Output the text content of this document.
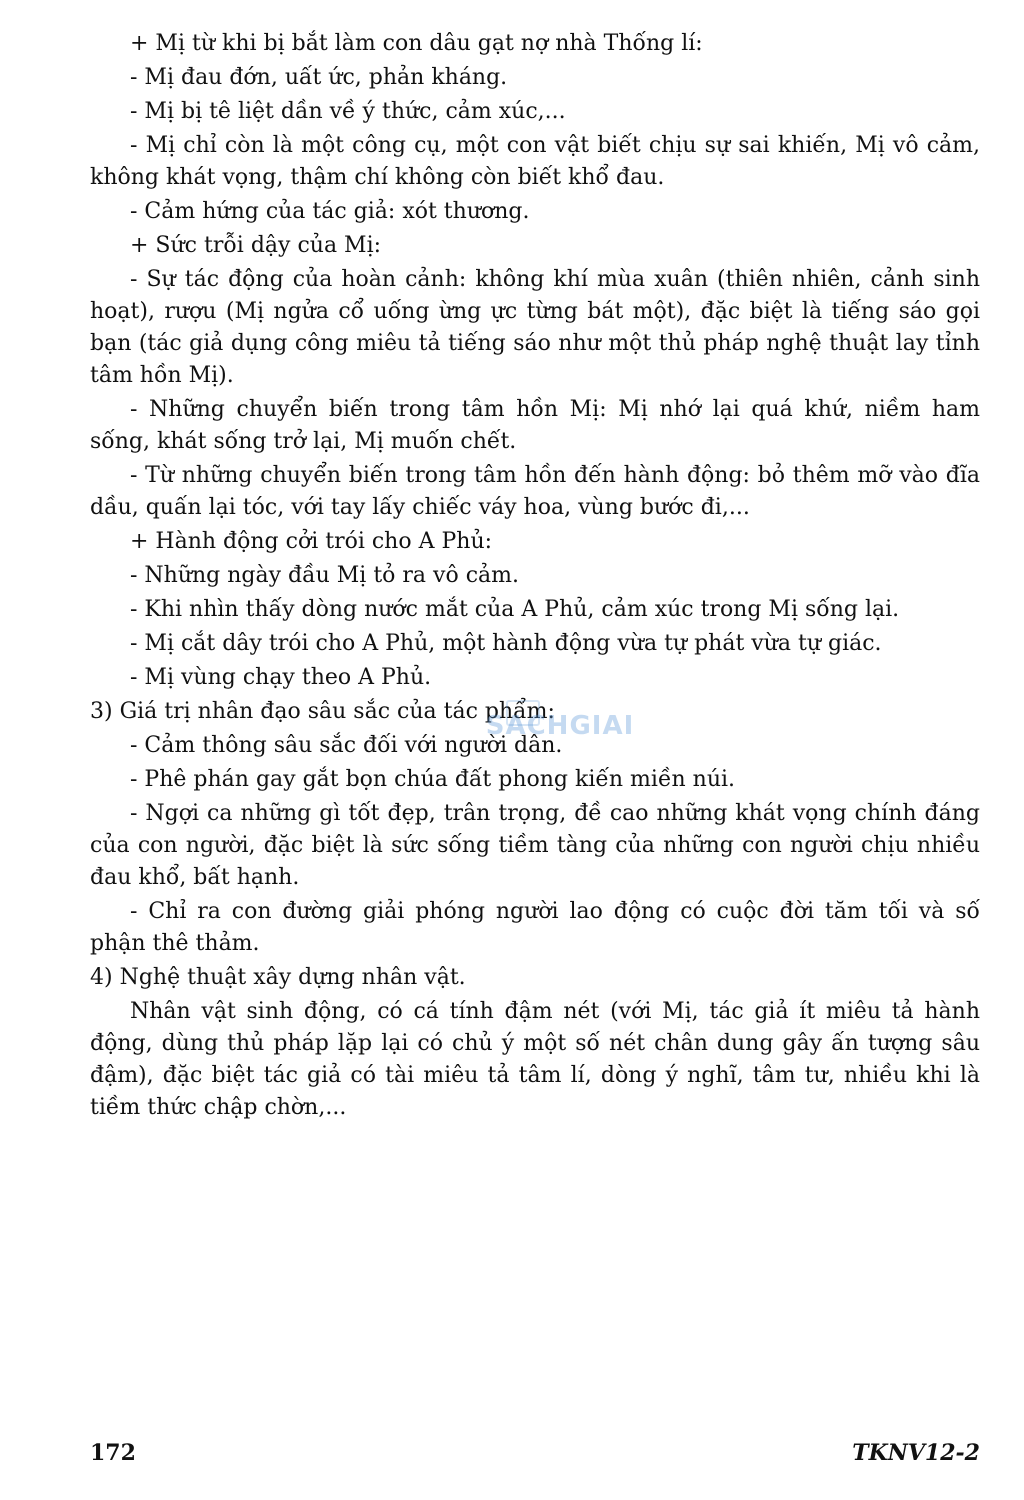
+ Mị từ khi bị bắt làm con dâu gạt nợ nhà Thống lí:

- Mị đau đớn, uất ức, phản kháng.

- Mị bị tê liệt dần về ý thức, cảm xúc,...

- Mị chỉ còn là một công cụ, một con vật biết chịu sự sai khiến, Mị vô cảm, không khát vọng, thậm chí không còn biết khổ đau.

- Cảm hứng của tác giả: xót thương.

+ Sức trỗi dậy của Mị:

- Sự tác động của hoàn cảnh: không khí mùa xuân (thiên nhiên, cảnh sinh hoạt), rượu (Mị ngửa cổ uống ừng ực từng bát một), đặc biệt là tiếng sáo gọi bạn (tác giả dụng công miêu tả tiếng sáo như một thủ pháp nghệ thuật lay tỉnh tâm hồn Mị).

- Những chuyển biến trong tâm hồn Mị: Mị nhớ lại quá khứ, niềm ham sống, khát sống trở lại, Mị muốn chết.

- Từ những chuyển biến trong tâm hồn đến hành động: bỏ thêm mỡ vào đĩa dầu, quấn lại tóc, với tay lấy chiếc váy hoa, vùng bước đi,...

+ Hành động cởi trói cho A Phủ:

- Những ngày đầu Mị tỏ ra vô cảm.

- Khi nhìn thấy dòng nước mắt của A Phủ, cảm xúc trong Mị sống lại.

- Mị cắt dây trói cho A Phủ, một hành động vừa tự phát vừa tự giác.

- Mị vùng chạy theo A Phủ.

3) Giá trị nhân đạo sâu sắc của tác phẩm:

- Cảm thông sâu sắc đối với người dân.

- Phê phán gay gắt bọn chúa đất phong kiến miền núi.

- Ngợi ca những gì tốt đẹp, trân trọng, đề cao những khát vọng chính đáng của con người, đặc biệt là sức sống tiềm tàng của những con người chịu nhiều đau khổ, bất hạnh.

- Chỉ ra con đường giải phóng người lao động có cuộc đời tăm tối và số phận thê thảm.

4) Nghệ thuật xây dựng nhân vật.

Nhân vật sinh động, có cá tính đậm nét (với Mị, tác giả ít miêu tả hành động, dùng thủ pháp lặp lại có chủ ý một số nét chân dung gây ấn tượng sâu đậm), đặc biệt tác giả có tài miêu tả tâm lí, dòng ý nghĩ, tâm tư, nhiều khi là tiềm thức chập chờn,...

SACHGIAI
172	TKNV12-2
